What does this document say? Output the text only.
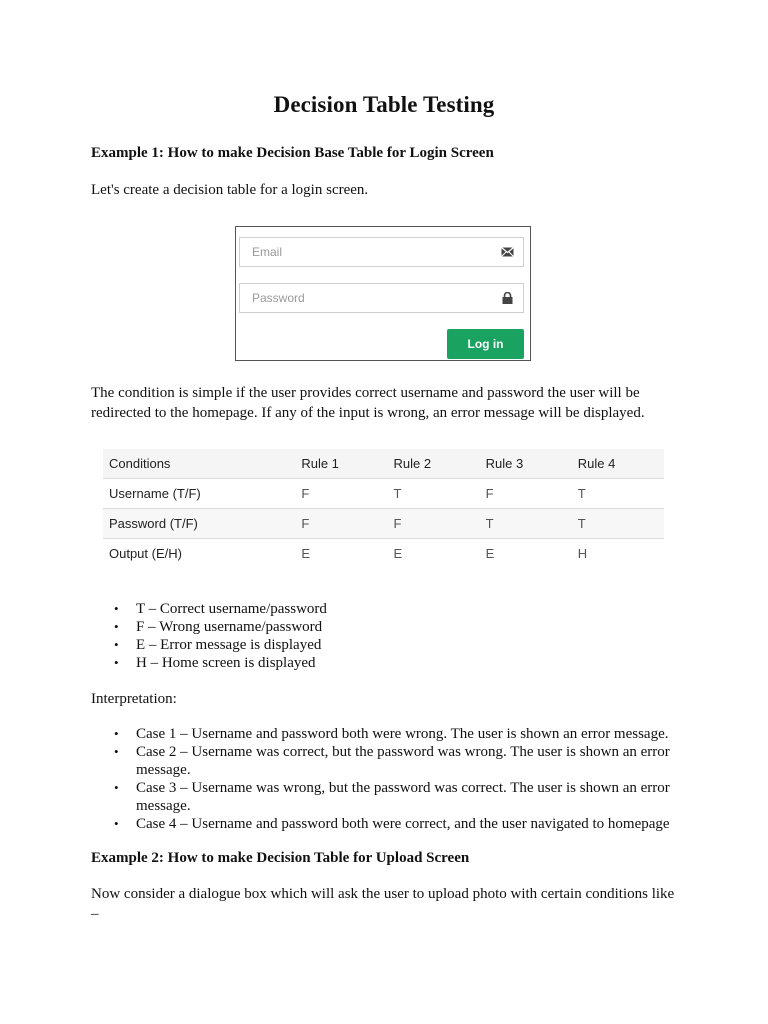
Decision Table Testing
Example 1: How to make Decision Base Table for Login Screen
Let's create a decision table for a login screen.
Email
Log in
The condition is simple if the user provides correct username and password the user will be redirected to the homepage. If any of the input is wrong, an error message will be displayed.
Conditions	Rule 1	Rule 2	Rule 3	Rule 4
Username (T/F)	F	T	F	T
Password (T/F)	F	F	T	T
Output (E/H)	E	E	E	H
• T – Correct username/password
• F – Wrong username/password
• E – Error message is displayed
• H – Home screen is displayed
Interpretation:
• Case 1 – Username and password both were wrong. The user is shown an error message.
• Case 2 – Username was correct, but the password was wrong. The user is shown an error message.
• Case 3 – Username was wrong, but the password was correct. The user is shown an error message.
• Case 4 – Username and password both were correct, and the user navigated to homepage
Example 2: How to make Decision Table for Upload Screen
Now consider a dialogue box which will ask the user to upload photo with certain conditions like –
